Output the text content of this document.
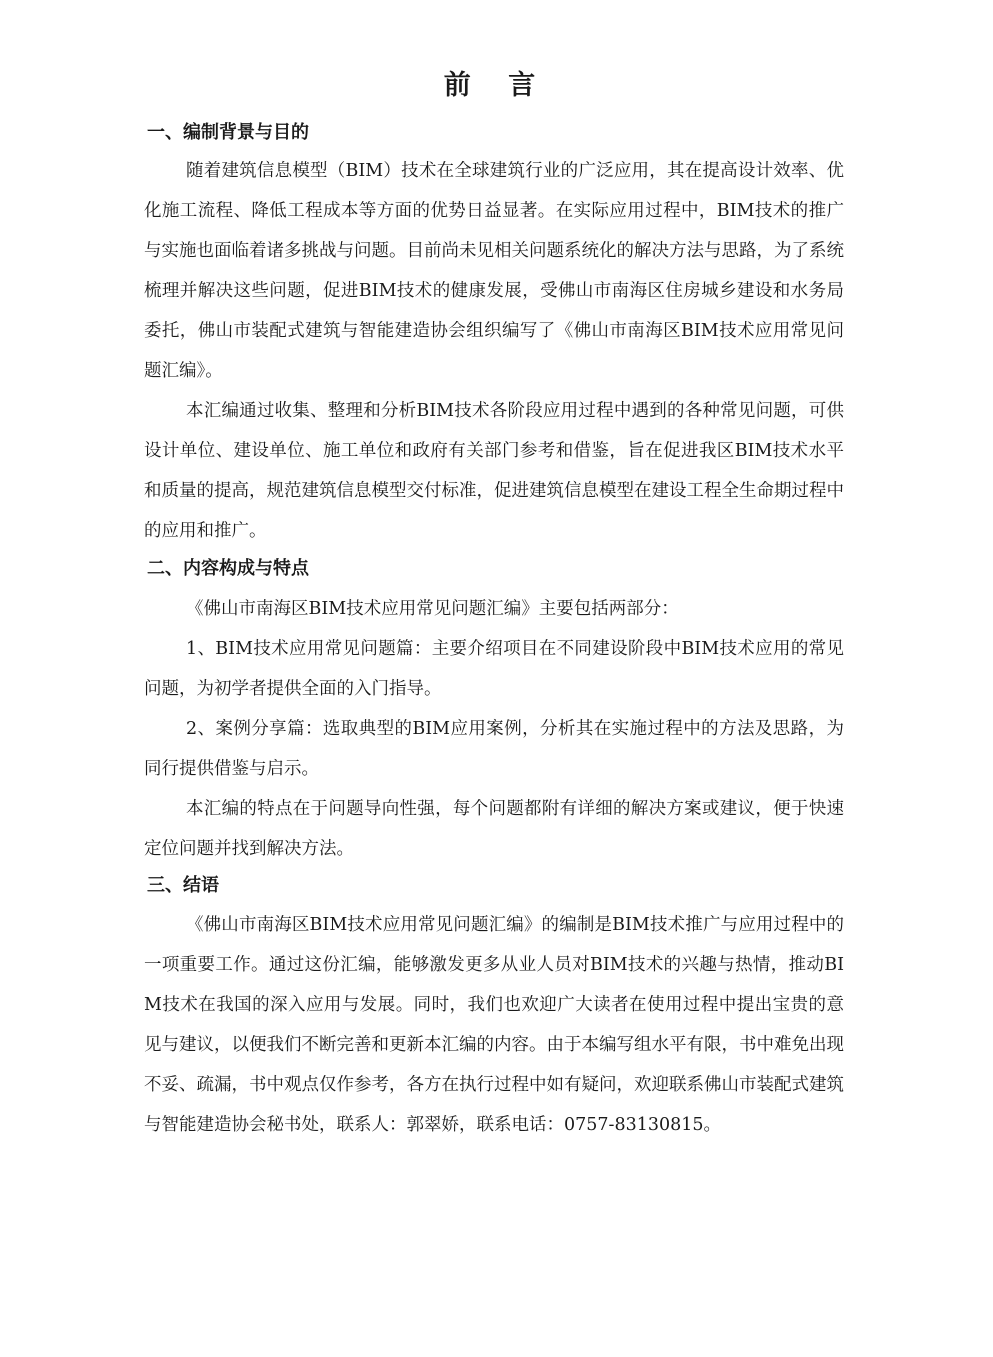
前 言
一、编制背景与目的

随着建筑信息模型（BIM）技术在全球建筑行业的广泛应用，其在提高设计效率、优化施工流程、降低工程成本等方面的优势日益显著。在实际应用过程中，BIM技术的推广与实施也面临着诸多挑战与问题。目前尚未见相关问题系统化的解决方法与思路，为了系统梳理并解决这些问题，促进BIM技术的健康发展，受佛山市南海区住房城乡建设和水务局委托，佛山市装配式建筑与智能建造协会组织编写了《佛山市南海区BIM技术应用常见问题汇编》。

本汇编通过收集、整理和分析BIM技术各阶段应用过程中遇到的各种常见问题，可供设计单位、建设单位、施工单位和政府有关部门参考和借鉴，旨在促进我区BIM技术水平和质量的提高，规范建筑信息模型交付标准，促进建筑信息模型在建设工程全生命期过程中的应用和推广。

二、内容构成与特点

《佛山市南海区BIM技术应用常见问题汇编》主要包括两部分：

1、BIM技术应用常见问题篇：主要介绍项目在不同建设阶段中BIM技术应用的常见问题，为初学者提供全面的入门指导。

2、案例分享篇：选取典型的BIM应用案例，分析其在实施过程中的方法及思路，为同行提供借鉴与启示。

本汇编的特点在于问题导向性强，每个问题都附有详细的解决方案或建议，便于快速定位问题并找到解决方法。

三、结语

《佛山市南海区BIM技术应用常见问题汇编》的编制是BIM技术推广与应用过程中的一项重要工作。通过这份汇编，能够激发更多从业人员对BIM技术的兴趣与热情，推动BIM技术在我国的深入应用与发展。同时，我们也欢迎广大读者在使用过程中提出宝贵的意见与建议，以便我们不断完善和更新本汇编的内容。由于本编写组水平有限，书中难免出现不妥、疏漏，书中观点仅作参考，各方在执行过程中如有疑问，欢迎联系佛山市装配式建筑与智能建造协会秘书处，联系人：郭翠娇，联系电话：0757-83130815。
